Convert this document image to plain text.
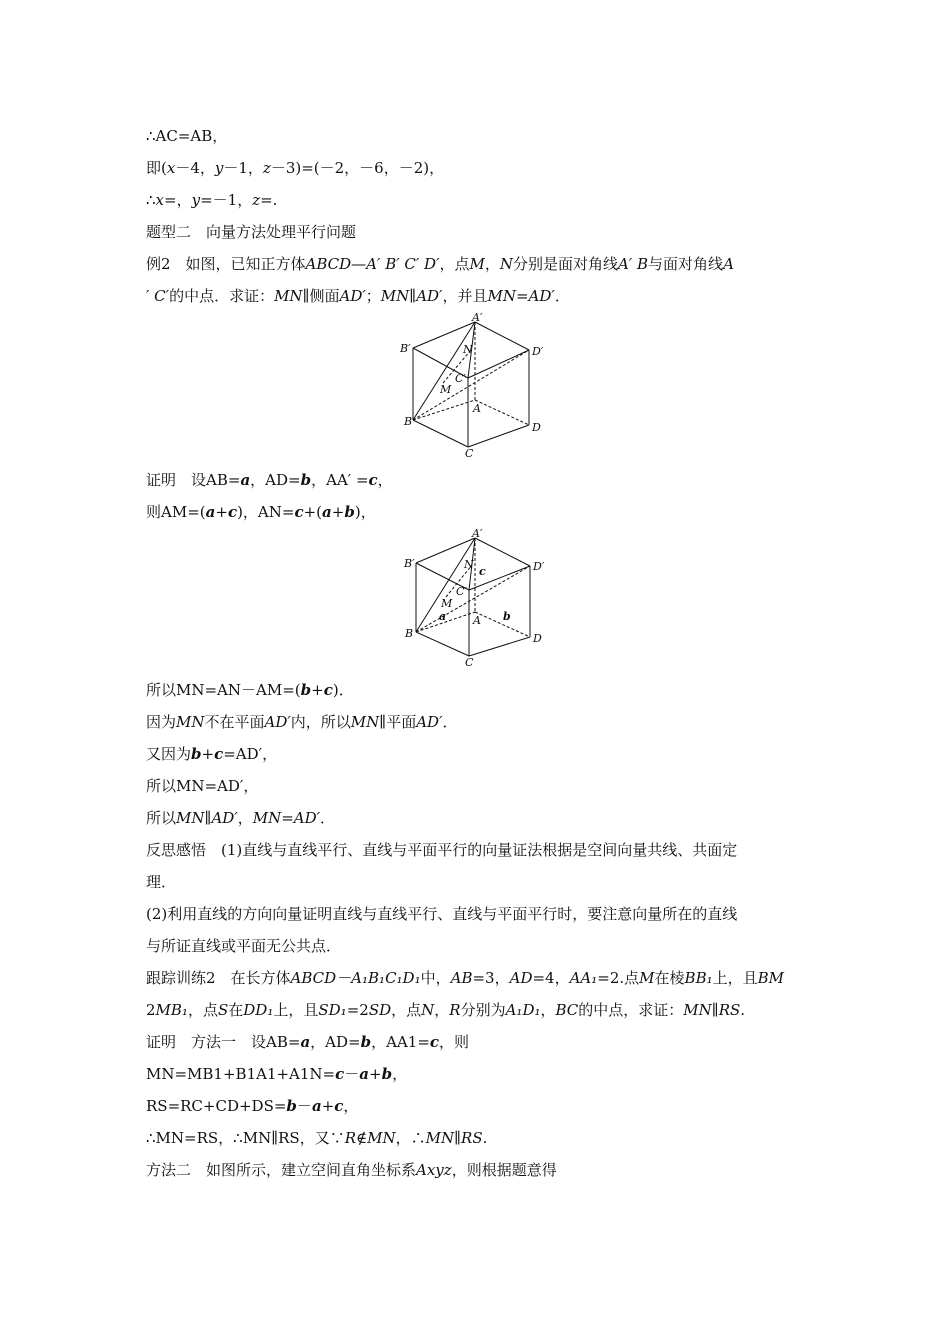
∴AC=AB，
即(x－4，y－1，z－3)=(－2，－6，－2)，
∴x=，y=－1，z=.
题型二　向量方法处理平行问题
例2　如图，已知正方体ABCD—A′ B′ C′ D′，点M，N分别是面对角线A′ B与面对角线A
′ C′的中点．求证：MN∥侧面AD′；MN∥AD′，并且MN=AD′．
A′
B′	D′
C′
N
M
A
B	D
C
证明　设AB=a，AD=b，AA′ =c，
则AM=(a+c)，AN=c+(a+b)，
A′
B′	D′
C′
N
M
A
B	D
C
a	b
c
所以MN=AN－AM=(b+c)．
因为MN不在平面AD′内，所以MN∥平面AD′．
又因为b+c=AD′，
所以MN=AD′，
所以MN∥AD′，MN=AD′．
反思感悟　(1)直线与直线平行、直线与平面平行的向量证法根据是空间向量共线、共面定
理．
(2)利用直线的方向向量证明直线与直线平行、直线与平面平行时，要注意向量所在的直线
与所证直线或平面无公共点．
跟踪训练2　在长方体ABCD－A₁B₁C₁D₁中，AB=3，AD=4，AA₁=2.点M在棱BB₁上，且BM
2MB₁，点S在DD₁上，且SD₁=2SD，点N，R分别为A₁D₁，BC的中点，求证：MN∥RS.
证明　方法一　设AB=a，AD=b，AA1=c，则
MN=MB1+B1A1+A1N=c－a+b，
RS=RC+CD+DS=b－a+c，
∴MN=RS，∴MN∥RS，又∵R∉MN，∴MN∥RS.
方法二　如图所示，建立空间直角坐标系Axyz，则根据题意得
